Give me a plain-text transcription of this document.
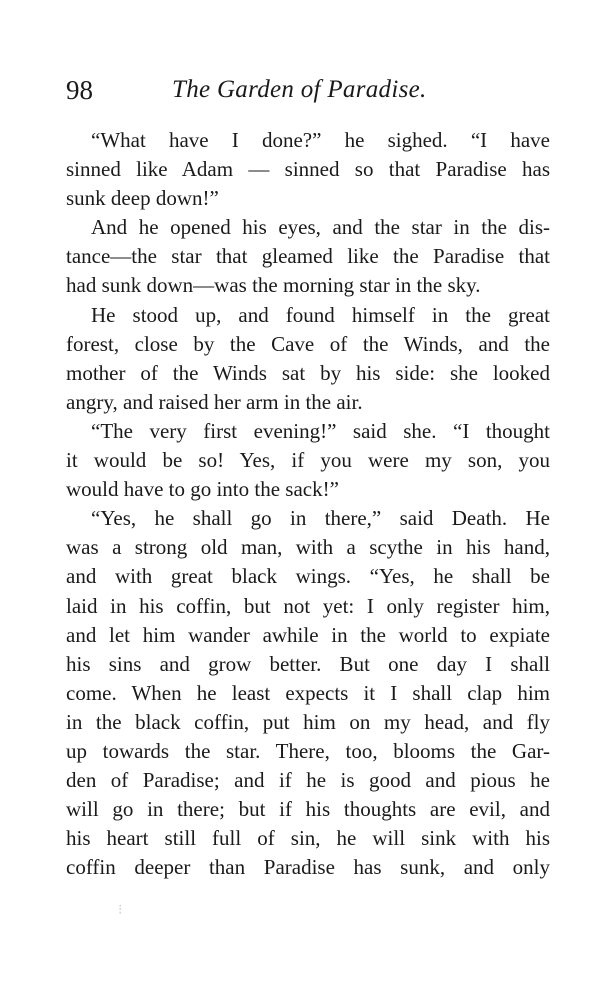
98	The Garden of Paradise.
“What have I done?” he sighed. “I have
sinned like Adam — sinned so that Paradise has
sunk deep down!”
And he opened his eyes, and the star in the dis-
tance—the star that gleamed like the Paradise that
had sunk down—was the morning star in the sky.
He stood up, and found himself in the great
forest, close by the Cave of the Winds, and the
mother of the Winds sat by his side: she looked
angry, and raised her arm in the air.
“The very first evening!” said she. “I thought
it would be so! Yes, if you were my son, you
would have to go into the sack!”
“Yes, he shall go in there,” said Death. He
was a strong old man, with a scythe in his hand,
and with great black wings. “Yes, he shall be
laid in his coffin, but not yet: I only register him,
and let him wander awhile in the world to expiate
his sins and grow better. But one day I shall
come. When he least expects it I shall clap him
in the black coffin, put him on my head, and fly
up towards the star. There, too, blooms the Gar-
den of Paradise; and if he is good and pious he
will go in there; but if his thoughts are evil, and
his heart still full of sin, he will sink with his
coffin deeper than Paradise has sunk, and only
⁝
